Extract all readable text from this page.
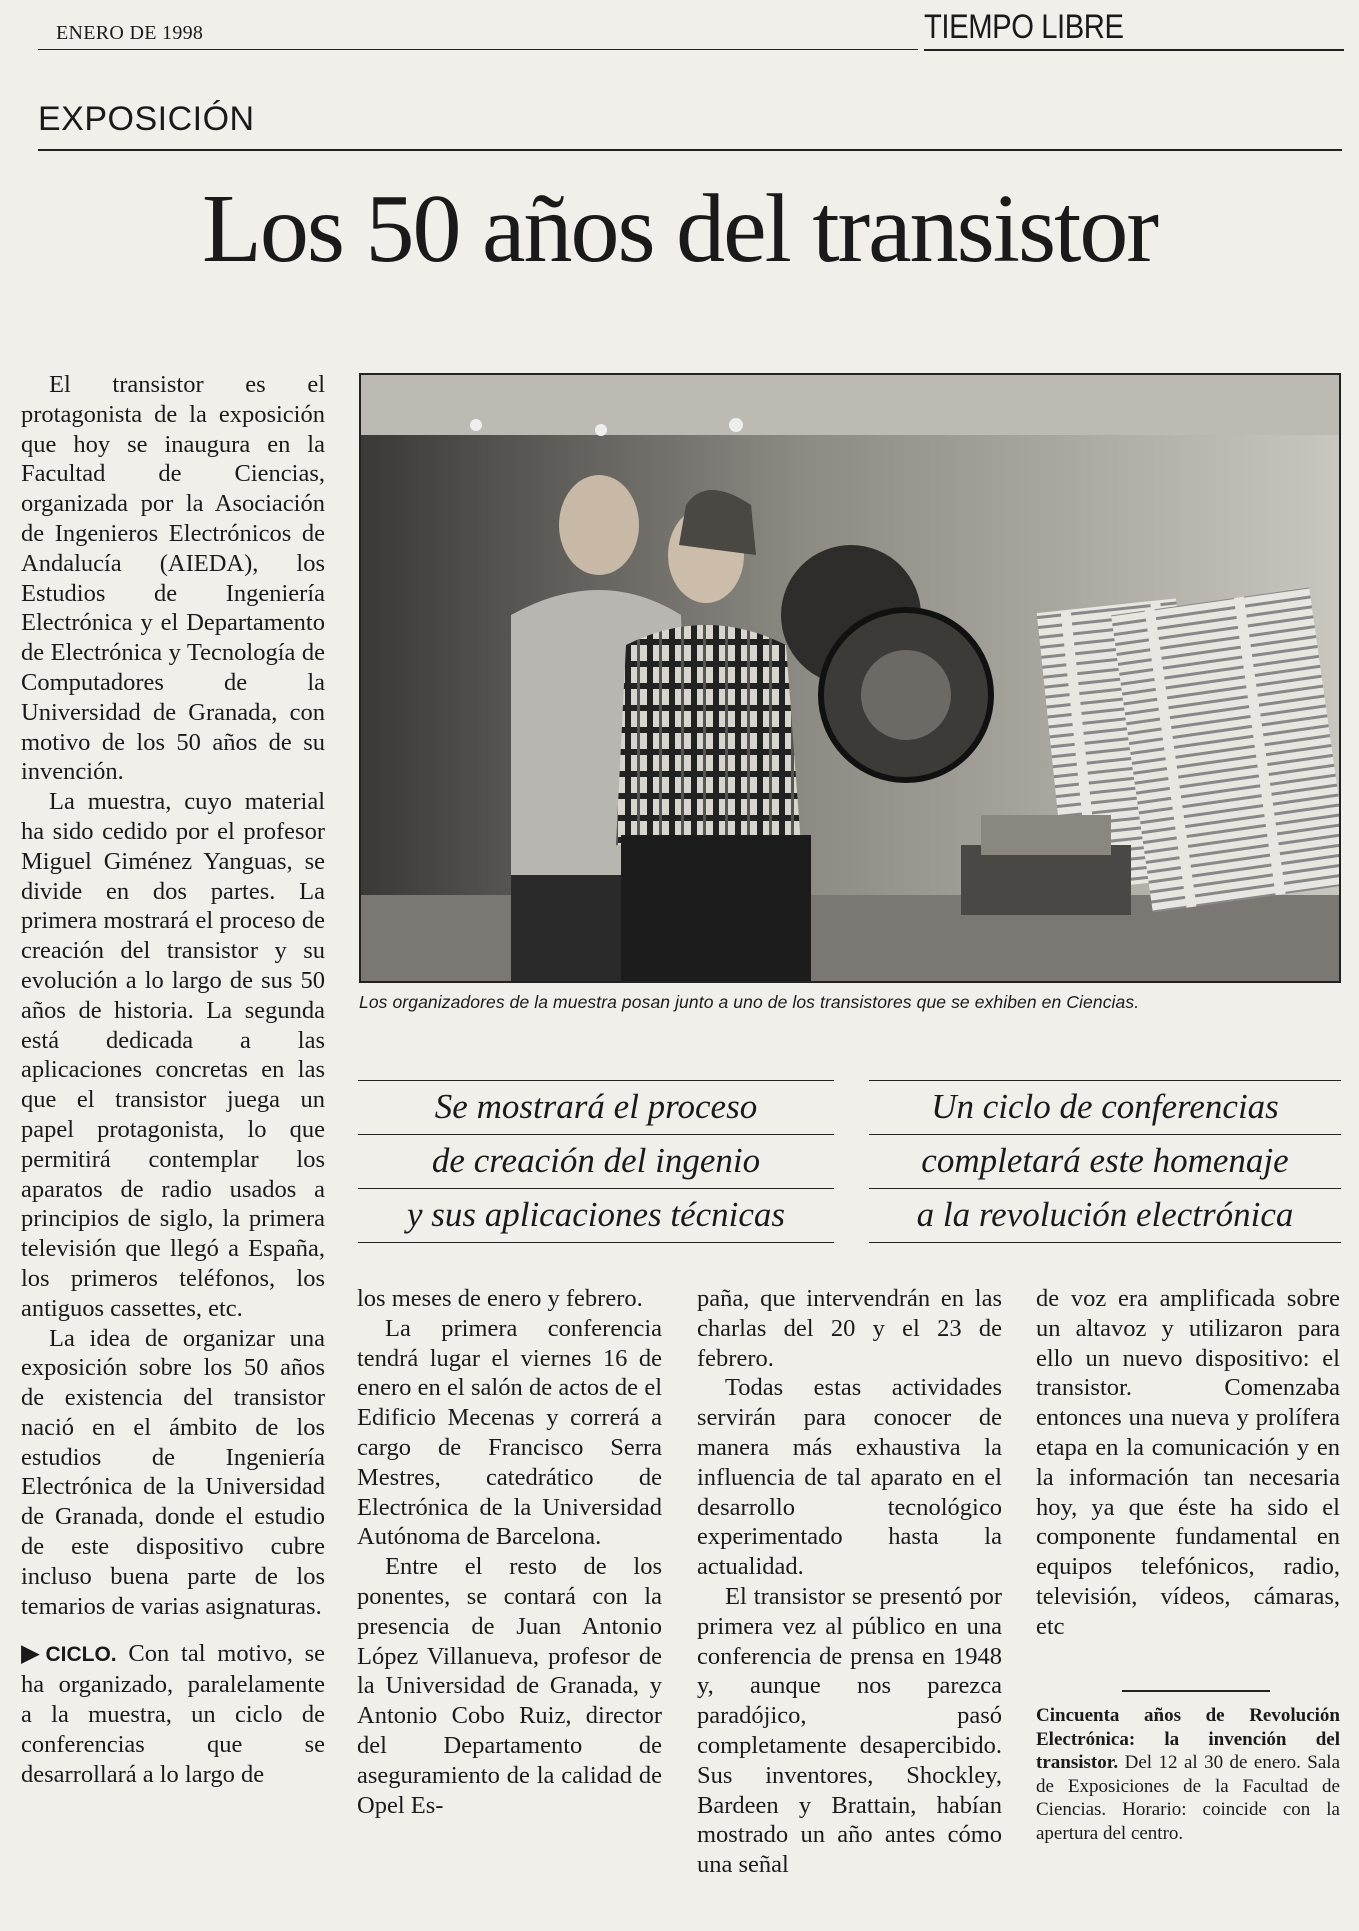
ENERO DE 1998	TIEMPO LIBRE
EXPOSICIÓN
Los 50 años del transistor

El transistor es el protagonista de la exposición que hoy se inaugura en la Facultad de Ciencias, organizada por la Asociación de Ingenieros Electrónicos de Andalucía (AIEDA), los Estudios de Ingeniería Electrónica y el Departamento de Electrónica y Tecnología de Computadores de la Universidad de Granada, con motivo de los 50 años de su invención.

La muestra, cuyo material ha sido cedido por el profesor Miguel Giménez Yanguas, se divide en dos partes. La primera mostrará el proceso de creación del transistor y su evolución a lo largo de sus 50 años de historia. La segunda está dedicada a las aplicaciones concretas en las que el transistor juega un papel protagonista, lo que permitirá contemplar los aparatos de radio usados a principios de siglo, la primera televisión que llegó a España, los primeros teléfonos, los antiguos cassettes, etc.

La idea de organizar una exposición sobre los 50 años de existencia del transistor nació en el ámbito de los estudios de Ingeniería Electrónica de la Universidad de Granada, donde el estudio de este dispositivo cubre incluso buena parte de los temarios de varias asignaturas.

▶CICLO. Con tal motivo, se ha organizado, paralelamente a la muestra, un ciclo de conferencias que se desarrollará a lo largo de

Los organizadores de la muestra posan junto a uno de los transistores que se exhiben en Ciencias.
Se mostrará el proceso
de creación del ingenio
y sus aplicaciones técnicas
Un ciclo de conferencias
completará este homenaje
a la revolución electrónica

los meses de enero y febrero.

La primera conferencia tendrá lugar el viernes 16 de enero en el salón de actos de el Edificio Mecenas y correrá a cargo de Francisco Serra Mestres, catedrático de Electrónica de la Universidad Autónoma de Barcelona.

Entre el resto de los ponentes, se contará con la presencia de Juan Antonio López Villanueva, profesor de la Universidad de Granada, y Antonio Cobo Ruiz, director del Departamento de aseguramiento de la calidad de Opel Es-

paña, que intervendrán en las charlas del 20 y el 23 de febrero.

Todas estas actividades servirán para conocer de manera más exhaustiva la influencia de tal aparato en el desarrollo tecnológico experimentado hasta la actualidad.

El transistor se presentó por primera vez al público en una conferencia de prensa en 1948 y, aunque nos parezca paradójico, pasó completamente desapercibido. Sus inventores, Shockley, Bardeen y Brattain, habían mostrado un año antes cómo una señal

de voz era amplificada sobre un altavoz y utilizaron para ello un nuevo dispositivo: el transistor. Comenzaba entonces una nueva y prolífera etapa en la comunicación y en la información tan necesaria hoy, ya que éste ha sido el componente fundamental en equipos telefónicos, radio, televisión, vídeos, cámaras, etc

Cincuenta años de Revolución Electrónica: la invención del transistor. Del 12 al 30 de enero. Sala de Exposiciones de la Facultad de Ciencias. Horario: coincide con la apertura del centro.
